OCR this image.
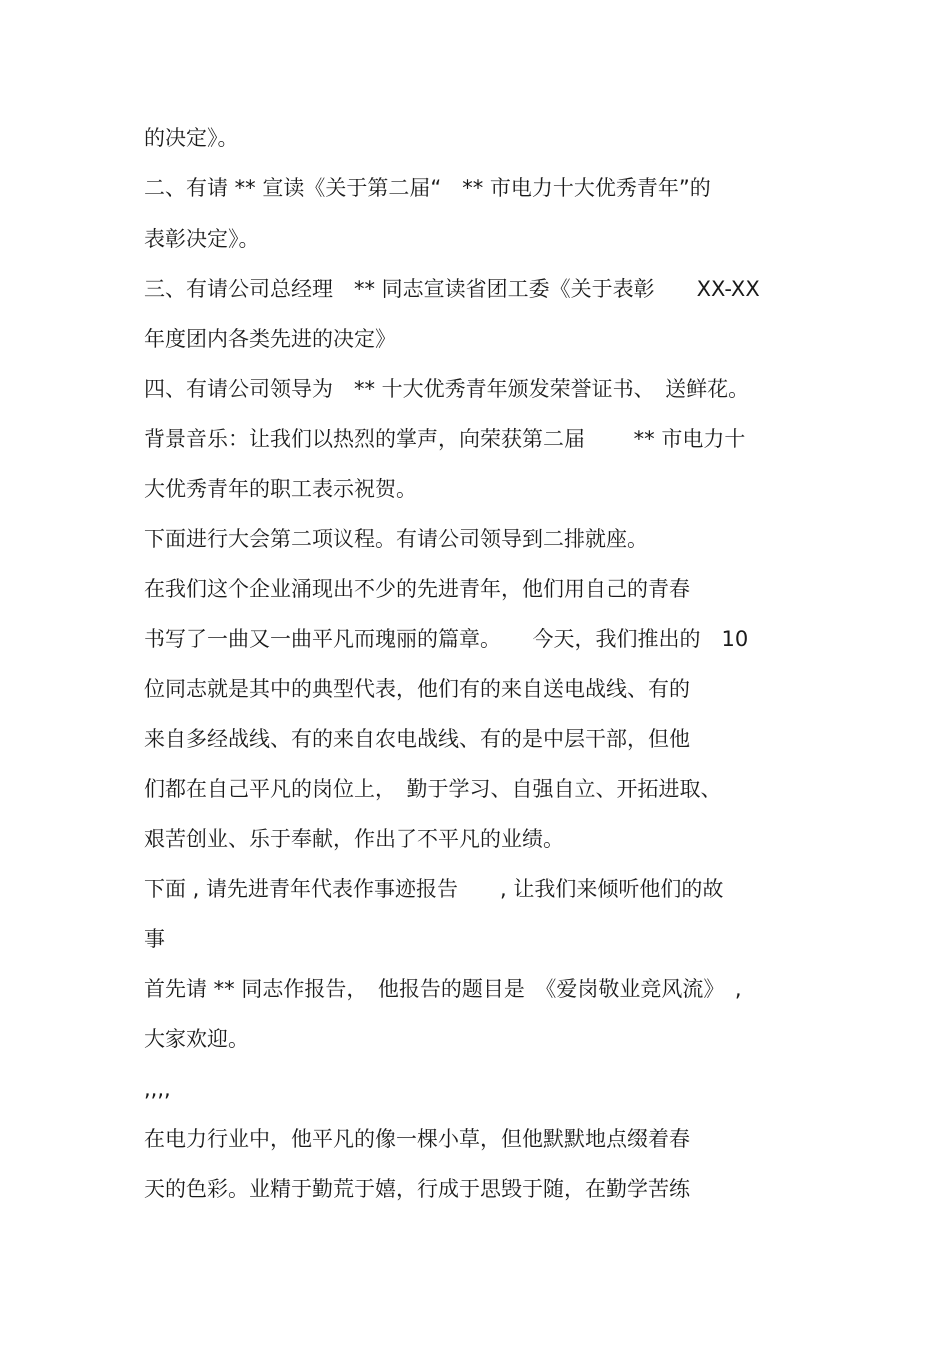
的决定》。

二、有请 ** 宣读《关于第二届“　** 市电力十大优秀青年”的

表彰决定》。

三、有请公司总经理　** 同志宣读省团工委《关于表彰　　XX-XX

年度团内各类先进的决定》

四、有请公司领导为　** 十大优秀青年颁发荣誉证书、　送鲜花。

背景音乐：让我们以热烈的掌声，向荣获第二届　　 ** 市电力十

大优秀青年的职工表示祝贺。

下面进行大会第二项议程。有请公司领导到二排就座。

在我们这个企业涌现出不少的先进青年，他们用自己的青春

书写了一曲又一曲平凡而瑰丽的篇章。　　今天，我们推出的　10

位同志就是其中的典型代表，他们有的来自送电战线、有的

来自多经战线、有的来自农电战线、有的是中层干部，但他

们都在自己平凡的岗位上，　勤于学习、自强自立、开拓进取、

艰苦创业、乐于奉献，作出了不平凡的业绩。

下面 , 请先进青年代表作事迹报告　　, 让我们来倾听他们的故

事

首先请 ** 同志作报告，　他报告的题目是　《爱岗敬业竞风流》　,

大家欢迎。

,,,,

在电力行业中，他平凡的像一棵小草，但他默默地点缀着春

天的色彩。业精于勤荒于嬉，行成于思毁于随，在勤学苦练
